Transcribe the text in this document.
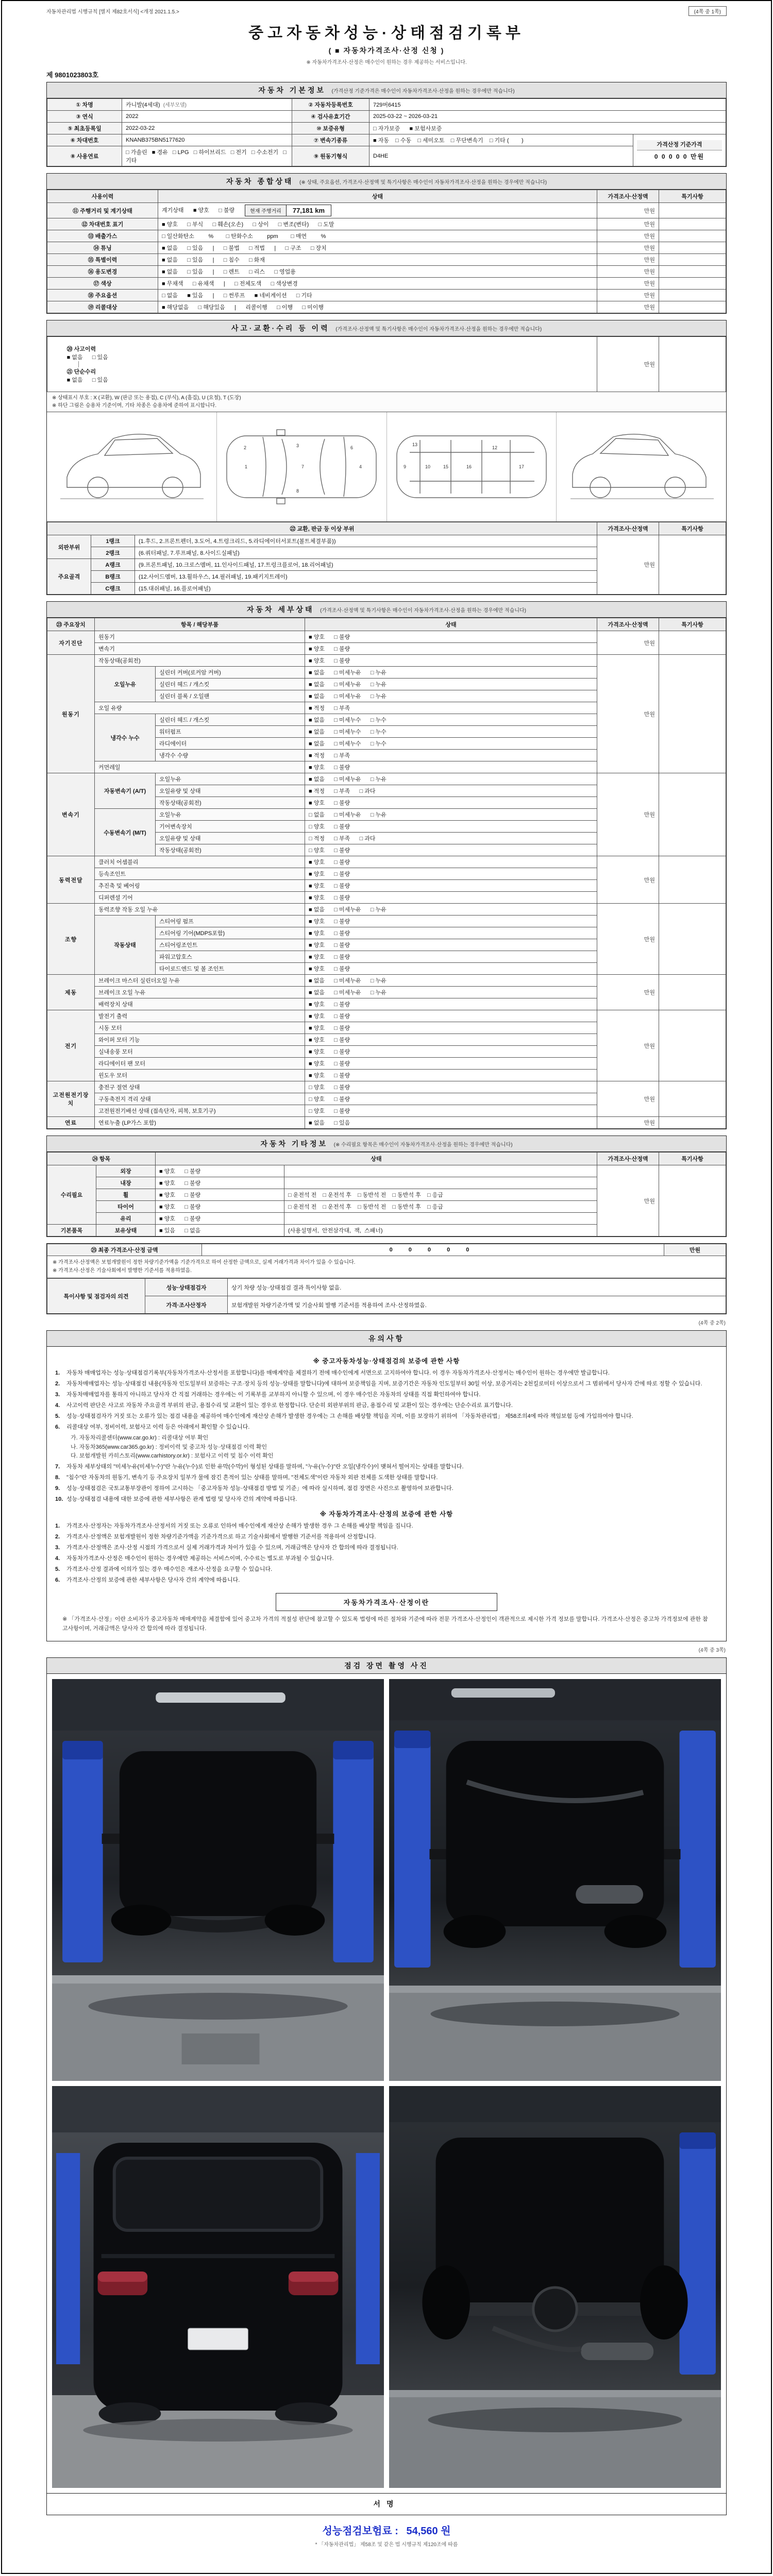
자동차관리법 시행규칙 [별지 제82호서식] <개정 2021.1.5.>	(4쪽 중 1쪽)
중고자동차성능·상태점검기록부
( ■ 자동차가격조사·산정 신청 )
※ 자동차가격조사·산정은 매수인이 원하는 경우 제공하는 서비스입니다.
제 9801023803호
자동차 기본정보 (가격산정 기준가격은 매수인이 자동차가격조사·산정을 원하는 경우에만 적습니다)
① 차명	카니발(4세대) (세부모델)	② 자동차등록번호	729버6415	
③ 연식	2022	④ 검사유효기간	2025-03-22 ~ 2026-03-21	
⑤ 최초등록일	2022-03-22	⑩ 보증유형	□ 자가보증      ■ 보험사보증	
⑥ 차대번호	KNANB375BN5177620	⑦ 변속기종류	■ 자동    □ 수동    □ 세미오토    □ 무단변속기    □ 기타 (        )	가격산정 기준가격
0 0 0 0 0 만원

⑧ 사용연료	□ 가솔린   ■ 경유   □ LPG   □ 하이브리드   □ 전기   □ 수소전기   □ 기타	⑨ 원동기형식	D4HE	
자동차 종합상태 (※ 상태, 주요옵션, 가격조사·산정액 및 특기사항은 매수인이 자동차가격조사·산정을 원하는 경우에만 적습니다)
사용이력	상태	가격조사·산정액	특기사항
⑪ 주행거리 및 계기상태	계기상태      ■ 양호      □ 불량 현재 주행거리 77,181 km	만원	
⑫ 차대번호 표기	■ 양호      □ 부식      □ 훼손(오손)      □ 상이      □ 변조(변타)      □ 도말	만원	
⑬ 배출가스	□ 일산화탄소         %        □ 탄화수소         ppm        □ 매연         %	만원	
⑭ 튜닝	■ 없음      □ 있음      |      □ 불법      □ 적법      |      □ 구조      □ 장치	만원	
⑮ 특별이력	■ 없음      □ 있음      |      □ 침수      □ 화재	만원	
⑯ 용도변경	■ 없음      □ 있음      |      □ 렌트      □ 리스      □ 영업용	만원	
⑰ 색상	■ 무채색      □ 유채색      |      □ 전체도색      □ 색상변경	만원	
⑱ 주요옵션	□ 없음      ■ 있음      |      □ 썬루프      ■ 네비게이션      □ 기타	만원	
⑲ 리콜대상	■ 해당없음      □ 해당있음      |      리콜이행      □ 이행      □ 미이행	만원	
사고·교환·수리 등 이력 (가격조사·산정액 및 특기사항은 매수인이 자동차가격조사·산정을 원하는 경우에만 적습니다)

⑳ 사고이력
■ 없음      □ 있음

㉑ 단순수리
■ 없음      □ 있음
	만원	
※ 상태표시 부호 : X (교환), W (판금 또는 용접), C (부식), A (흠집), U (요철), T (도장)
※ 하단 그림은 승용차 기준이며, 기타 차종은 승용차에 준하여 표시합니다.
1
2	3
4
6
7
8
9	10
12
13
15	16	17
㉒ 교환, 판금 등 이상 부위			가격조사·산정액	특기사항
외판부위	1랭크	(1.후드, 2.프론트펜더, 3.도어, 4.트렁크리드, 5.라디에이터서포트(볼트체결부품))	만원	
	2랭크	(6.쿼터패널, 7.루프패널, 8.사이드실패널)		
주요골격	A랭크	(9.프론트패널, 10.크로스멤버, 11.인사이드패널, 17.트렁크플로어, 18.리어패널)		
	B랭크	(12.사이드멤버, 13.휠하우스, 14.필러패널, 19.패키지트레이)		
	C랭크	(15.대쉬패널, 16.플로어패널)		
자동차 세부상태 (가격조사·산정액 및 특기사항은 매수인이 자동차가격조사·산정을 원하는 경우에만 적습니다)
㉓ 주요장치	항목 / 해당부품		상태	가격조사·산정액	특기사항
자기진단	원동기		■ 양호      □ 불량	만원	
	변속기		■ 양호      □ 불량		
원동기	작동상태(공회전)		■ 양호      □ 불량	만원	
	오일누유	실린더 커버(로커암 커버)	■ 없음      □ 미세누유      □ 누유		
		실린더 헤드 / 개스킷	■ 없음      □ 미세누유      □ 누유		
		실린더 블록 / 오일팬	■ 없음      □ 미세누유      □ 누유		
	오일 유량		■ 적정      □ 부족		
	냉각수 누수	실린더 헤드 / 개스킷	■ 없음      □ 미세누수      □ 누수		
		워터펌프	■ 없음      □ 미세누수      □ 누수		
		라디에이터	■ 없음      □ 미세누수      □ 누수		
		냉각수 수량	■ 적정      □ 부족		
	커먼레일		■ 양호      □ 불량		
변속기	자동변속기 (A/T)	오일누유	■ 없음      □ 미세누유      □ 누유	만원	
		오일유량 및 상태	■ 적정      □ 부족      □ 과다		
		작동상태(공회전)	■ 양호      □ 불량		
	수동변속기 (M/T)	오일누유	□ 없음      □ 미세누유      □ 누유		
		기어변속장치	□ 양호      □ 불량		
		오일유량 및 상태	□ 적정      □ 부족      □ 과다		
		작동상태(공회전)	□ 양호      □ 불량		
동력전달	클러치 어셈블리		■ 양호      □ 불량	만원	
	등속조인트		■ 양호      □ 불량		
	추진축 및 베어링		■ 양호      □ 불량		
	디퍼렌셜 기어		■ 양호      □ 불량		
조향	동력조향 작동 오일 누유		■ 없음      □ 미세누유      □ 누유	만원	
	작동상태	스티어링 펌프	■ 양호      □ 불량		
		스티어링 기어(MDPS포함)	■ 양호      □ 불량		
		스티어링조인트	■ 양호      □ 불량		
		파워고압호스	■ 양호      □ 불량		
		타이로드엔드 및 볼 조인트	■ 양호      □ 불량		
제동	브레이크 마스터 실린더오일 누유		■ 없음      □ 미세누유      □ 누유	만원	
	브레이크 오일 누유		■ 없음      □ 미세누유      □ 누유		
	배력장치 상태		■ 양호      □ 불량		
전기	발전기 출력		■ 양호      □ 불량	만원	
	시동 모터		■ 양호      □ 불량		
	와이퍼 모터 기능		■ 양호      □ 불량		
	실내송풍 모터		■ 양호      □ 불량		
	라디에이터 팬 모터		■ 양호      □ 불량		
	윈도우 모터		■ 양호      □ 불량		
고전원전기장치	충전구 절연 상태		□ 양호      □ 불량	만원	
	구동축전지 격리 상태		□ 양호      □ 불량		
	고전원전기배선 상태 (접속단자, 피복, 보호기구)		□ 양호      □ 불량		
연료	연료누출 (LP가스 포함)		■ 없음      □ 있음	만원	
자동차 기타정보 (※ 수리필요 항목은 매수인이 자동차가격조사·산정을 원하는 경우에만 적습니다)
㉔ 항목		상태		가격조사·산정액	특기사항
수리필요	외장	■ 양호      □ 불량		만원	
	내장	■ 양호      □ 불량			
	휠	■ 양호      □ 불량	□ 운전석 전    □ 운전석 후    □ 동반석 전    □ 동반석 후    □ 응급		
	타이어	■ 양호      □ 불량	□ 운전석 전    □ 운전석 후    □ 동반석 전    □ 동반석 후    □ 응급		
	유리	■ 양호      □ 불량			
기본품목	보유상태	■ 있음      □ 없음	(사용설명서,  안전삼각대,  잭,  스패너)		
㉕ 최종 가격조사·산정 금액	0 0 0 0 0	만원
※ 가격조사·산정액은 보험개발원이 정한 차량기준가액을 기준가격으로 하여 산정한 금액으로, 실제 거래가격과 차이가 있을 수 있습니다.
※ 가격조사·산정은 기술사회에서 발행한 기준서를 적용하였음.
특이사항 및 점검자의 의견	성능·상태점검자	상기 차량 성능·상태점검 결과 특이사항 없음.
	가격·조사산정자	보험개발원 차량기준가액 및 기술사회 발행 기준서를 적용하여 조사·산정하였음.
(4쪽 중 2쪽)
유의사항
※ 중고자동차성능·상태점검의 보증에 관한 사항
1.	자동차 매매업자는 성능·상태점검기록부(자동차가격조사·산정서를 포함합니다)를 매매계약을 체결하기 전에 매수인에게 서면으로 고지하여야 합니다. 이 경우 자동차가격조사·산정서는 매수인이 원하는 경우에만 발급합니다.
2.	자동차매매업자는 성능·상태점검 내용(자동차 인도일부터 보증하는 구조·장치 등의 성능·상태를 말합니다)에 대하여 보증책임을 지며, 보증기간은 자동차 인도일부터 30일 이상, 보증거리는 2천킬로미터 이상으로서 그 범위에서 당사자 간에 따로 정할 수 있습니다.
3.	자동차매매업자를 통하지 아니하고 당사자 간 직접 거래하는 경우에는 이 기록부를 교부하지 아니할 수 있으며, 이 경우 매수인은 자동차의 상태를 직접 확인하여야 합니다.
4.	사고이력 판단은 사고로 자동차 주요골격 부위의 판금, 용접수리 및 교환이 있는 경우로 한정합니다. 단순히 외판부위의 판금, 용접수리 및 교환이 있는 경우에는 단순수리로 표기합니다.
5.	성능·상태점검자가 거짓 또는 오류가 있는 점검 내용을 제공하여 매수인에게 재산상 손해가 발생한 경우에는 그 손해를 배상할 책임을 지며, 이를 보장하기 위하여 「자동차관리법」 제58조의4에 따라 책임보험 등에 가입하여야 합니다.
6.	리콜대상 여부, 정비이력, 보험사고 이력 등은 아래에서 확인할 수 있습니다.
가. 자동차리콜센터(www.car.go.kr) : 리콜대상 여부 확인
나. 자동차365(www.car365.go.kr) : 정비이력 및 중고차 성능·상태점검 이력 확인
다. 보험개발원 카히스토리(www.carhistory.or.kr) : 보험사고 이력 및 침수 이력 확인
7.	자동차 세부상태의 "미세누유(미세누수)"란 누유(누수)로 인한 유막(수막)이 형성된 상태를 말하며, "누유(누수)"란 오일(냉각수)이 맺혀서 떨어지는 상태를 말합니다.
8.	"침수"란 자동차의 원동기, 변속기 등 주요장치 일부가 물에 잠긴 흔적이 있는 상태를 말하며, "전체도색"이란 자동차 외판 전체를 도색한 상태를 말합니다.
9.	성능·상태점검은 국토교통부장관이 정하여 고시하는 「중고자동차 성능·상태점검 방법 및 기준」에 따라 실시하며, 점검 장면은 사진으로 촬영하여 보관합니다.
10. 성능·상태점검 내용에 대한 보증에 관한 세부사항은 관계 법령 및 당사자 간의 계약에 따릅니다.
※ 자동차가격조사·산정의 보증에 관한 사항
1.	가격조사·산정자는 자동차가격조사·산정서의 거짓 또는 오류로 인하여 매수인에게 재산상 손해가 발생한 경우 그 손해를 배상할 책임을 집니다.
2.	가격조사·산정액은 보험개발원이 정한 차량기준가액을 기준가격으로 하고 기술사회에서 발행한 기준서를 적용하여 산정합니다.
3.	가격조사·산정액은 조사·산정 시점의 가격으로서 실제 거래가격과 차이가 있을 수 있으며, 거래금액은 당사자 간 합의에 따라 결정됩니다.
4.	자동차가격조사·산정은 매수인이 원하는 경우에만 제공하는 서비스이며, 수수료는 별도로 부과될 수 있습니다.
5.	가격조사·산정 결과에 이의가 있는 경우 매수인은 재조사·산정을 요구할 수 있습니다.
6.	가격조사·산정의 보증에 관한 세부사항은 당사자 간의 계약에 따릅니다.
자동차가격조사·산정이란
※ 「가격조사·산정」이란 소비자가 중고자동차 매매계약을 체결함에 있어 중고차 가격의 적절성 판단에 참고할 수 있도록 법령에 따른 절차와 기준에 따라 전문 가격조사·산정인이 객관적으로 제시한 가격 정보를 말합니다. 가격조사·산정은 중고차 가격정보에 관한 참고사항이며, 거래금액은 당사자 간 합의에 따라 결정됩니다.
(4쪽 중 3쪽)
점검 장면 촬영 사진
서명
성능점검보험료 : 54,560 원
* 「자동차관리법」 제58조 및 같은 법 시행규칙 제120조에 따름
